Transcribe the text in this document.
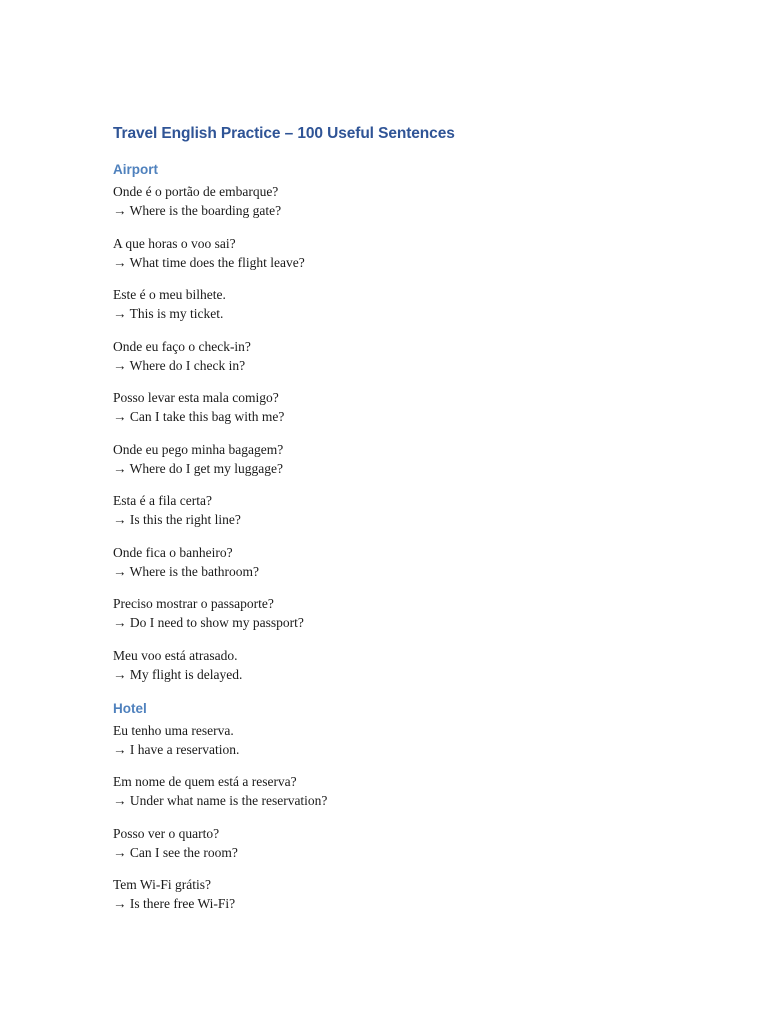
Travel English Practice – 100 Useful Sentences
Airport
Onde é o portão de embarque?
→ Where is the boarding gate?
A que horas o voo sai?
→ What time does the flight leave?
Este é o meu bilhete.
→ This is my ticket.
Onde eu faço o check-in?
→ Where do I check in?
Posso levar esta mala comigo?
→ Can I take this bag with me?
Onde eu pego minha bagagem?
→ Where do I get my luggage?
Esta é a fila certa?
→ Is this the right line?
Onde fica o banheiro?
→ Where is the bathroom?
Preciso mostrar o passaporte?
→ Do I need to show my passport?
Meu voo está atrasado.
→ My flight is delayed.
Hotel
Eu tenho uma reserva.
→ I have a reservation.
Em nome de quem está a reserva?
→ Under what name is the reservation?
Posso ver o quarto?
→ Can I see the room?
Tem Wi-Fi grátis?
→ Is there free Wi-Fi?
